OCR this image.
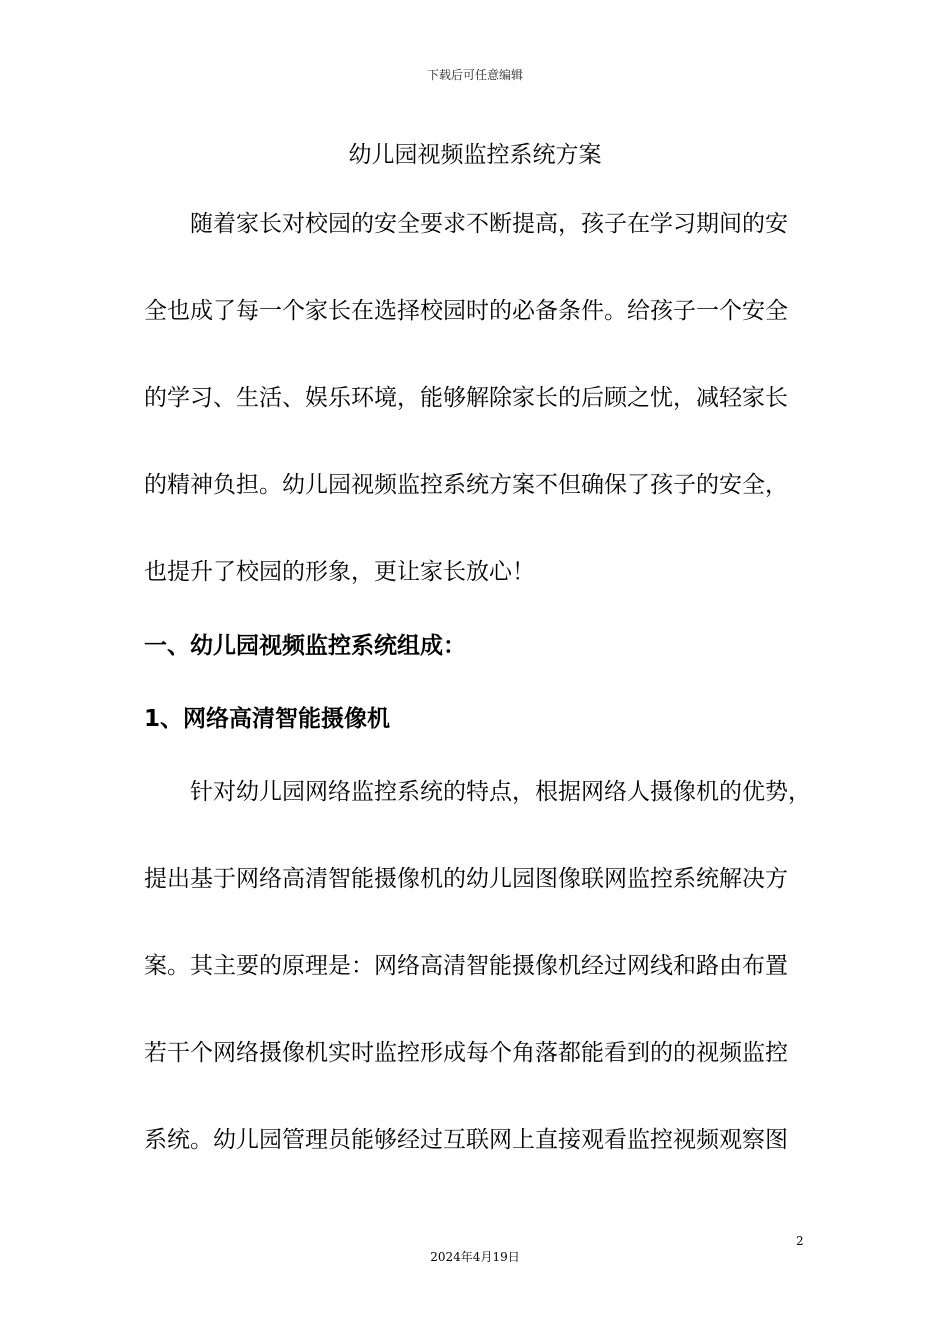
下载后可任意编辑
幼儿园视频监控系统方案
随着家长对校园的安全要求不断提高，孩子在学习期间的安
全也成了每一个家长在选择校园时的必备条件。给孩子一个安全
的学习、生活、娱乐环境，能够解除家长的后顾之忧，减轻家长
的精神负担。幼儿园视频监控系统方案不但确保了孩子的安全，
也提升了校园的形象，更让家长放心！
一、幼儿园视频监控系统组成：
1、网络高清智能摄像机
针对幼儿园网络监控系统的特点，根据网络人摄像机的优势，
提出基于网络高清智能摄像机的幼儿园图像联网监控系统解决方
案。其主要的原理是：网络高清智能摄像机经过网线和路由布置
若干个网络摄像机实时监控形成每个角落都能看到的的视频监控
系统。幼儿园管理员能够经过互联网上直接观看监控视频观察图
2
2024年4月19日
